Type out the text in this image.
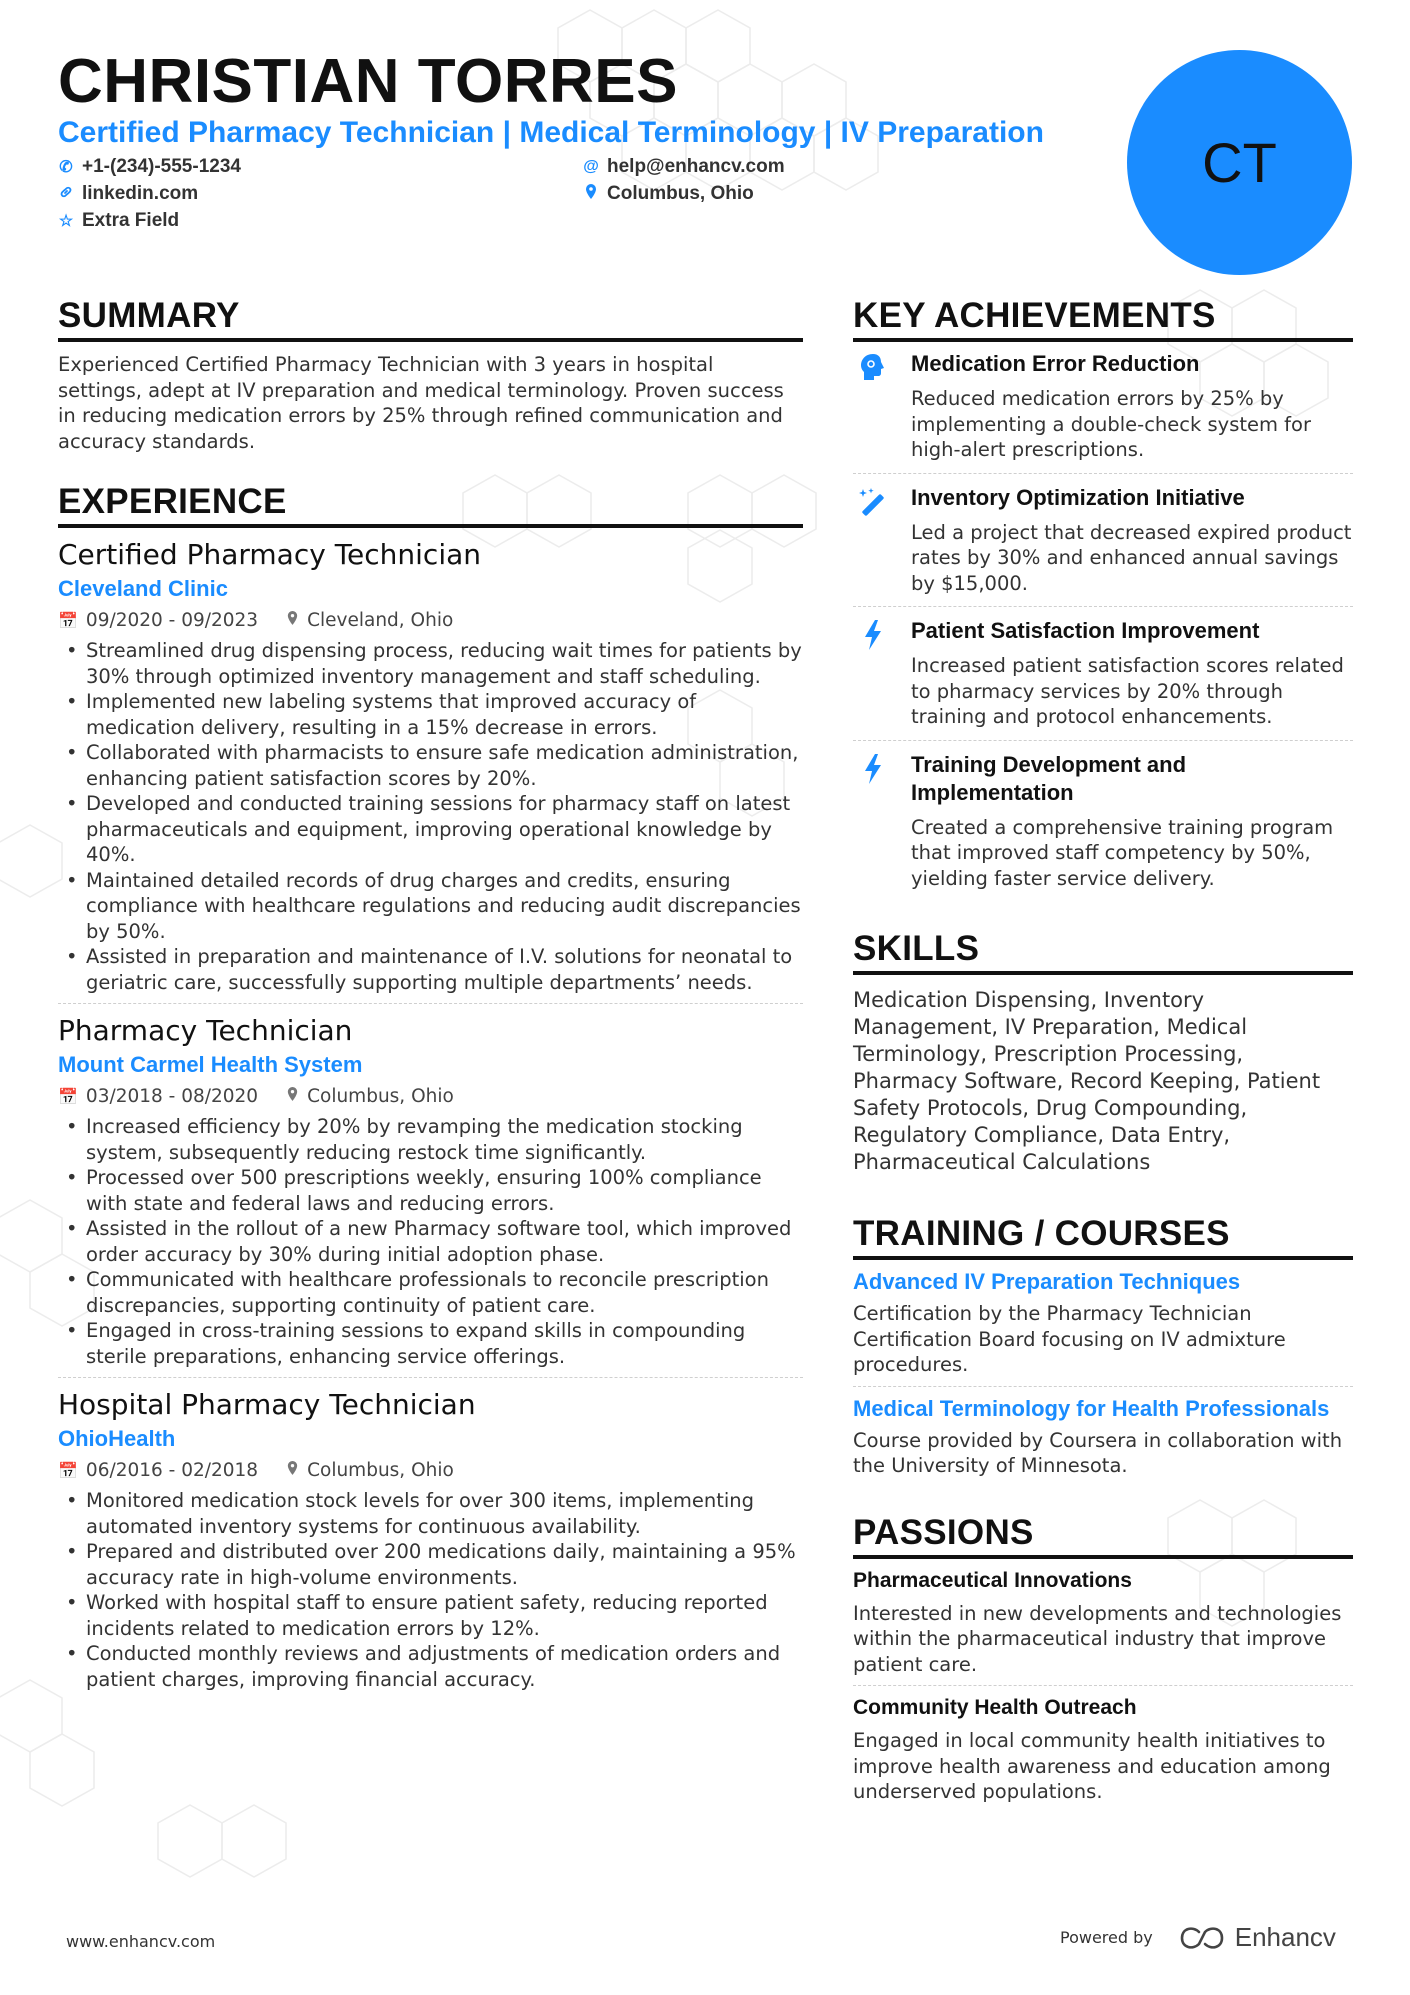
CHRISTIAN TORRES
Certified Pharmacy Technician | Medical Terminology | IV Preparation
✆ +1-(234)-555-1234	@ help@enhancv.com
linkedin.com	Columbus, Ohio
☆ Extra Field
CT
SUMMARY
Experienced Certified Pharmacy Technician with 3 years in hospital settings, adept at IV preparation and medical terminology. Proven success in reducing medication errors by 25% through refined communication and accuracy standards.
EXPERIENCE
Certified Pharmacy Technician
Cleveland Clinic
📅 09/2020 - 09/2023	Cleveland, Ohio
• Streamlined drug dispensing process, reducing wait times for patients by 30% through optimized inventory management and staff scheduling.
• Implemented new labeling systems that improved accuracy of medication delivery, resulting in a 15% decrease in errors.
• Collaborated with pharmacists to ensure safe medication administration, enhancing patient satisfaction scores by 20%.
• Developed and conducted training sessions for pharmacy staff on latest pharmaceuticals and equipment, improving operational knowledge by 40%.
• Maintained detailed records of drug charges and credits, ensuring compliance with healthcare regulations and reducing audit discrepancies by 50%.
• Assisted in preparation and maintenance of I.V. solutions for neonatal to geriatric care, successfully supporting multiple departments’ needs.
Pharmacy Technician
Mount Carmel Health System
📅 03/2018 - 08/2020	Columbus, Ohio
• Increased efficiency by 20% by revamping the medication stocking system, subsequently reducing restock time significantly.
• Processed over 500 prescriptions weekly, ensuring 100% compliance with state and federal laws and reducing errors.
• Assisted in the rollout of a new Pharmacy software tool, which improved order accuracy by 30% during initial adoption phase.
• Communicated with healthcare professionals to reconcile prescription discrepancies, supporting continuity of patient care.
• Engaged in cross-training sessions to expand skills in compounding sterile preparations, enhancing service offerings.
Hospital Pharmacy Technician
OhioHealth
📅 06/2016 - 02/2018	Columbus, Ohio
• Monitored medication stock levels for over 300 items, implementing automated inventory systems for continuous availability.
• Prepared and distributed over 200 medications daily, maintaining a 95% accuracy rate in high-volume environments.
• Worked with hospital staff to ensure patient safety, reducing reported incidents related to medication errors by 12%.
• Conducted monthly reviews and adjustments of medication orders and patient charges, improving financial accuracy.
KEY ACHIEVEMENTS
Medication Error Reduction
Reduced medication errors by 25% by implementing a double-check system for high-alert prescriptions.
Inventory Optimization Initiative
Led a project that decreased expired product rates by 30% and enhanced annual savings by $15,000.
Patient Satisfaction Improvement
Increased patient satisfaction scores related to pharmacy services by 20% through training and protocol enhancements.
Training Development and Implementation
Created a comprehensive training program that improved staff competency by 50%, yielding faster service delivery.
SKILLS
Medication Dispensing, Inventory Management, IV Preparation, Medical Terminology, Prescription Processing, Pharmacy Software, Record Keeping, Patient Safety Protocols, Drug Compounding, Regulatory Compliance, Data Entry, Pharmaceutical Calculations
TRAINING / COURSES
Advanced IV Preparation Techniques
Certification by the Pharmacy Technician Certification Board focusing on IV admixture procedures.
Medical Terminology for Health Professionals
Course provided by Coursera in collaboration with the University of Minnesota.
PASSIONS
Pharmaceutical Innovations
Interested in new developments and technologies within the pharmaceutical industry that improve patient care.
Community Health Outreach
Engaged in local community health initiatives to improve health awareness and education among underserved populations.
www.enhancv.com	Powered by	Enhancv
